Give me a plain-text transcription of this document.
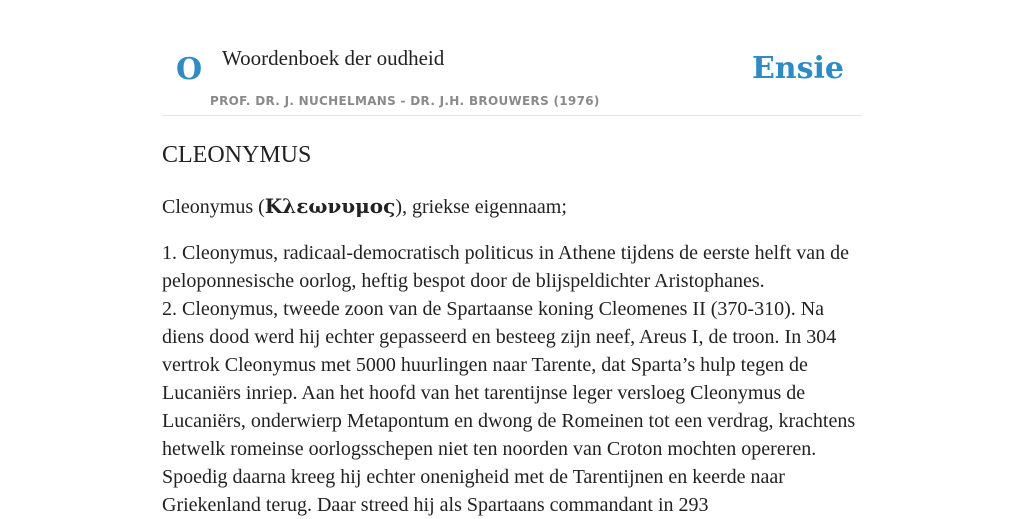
O Woordenboek der oudheid
PROF. DR. J. NUCHELMANS - DR. J.H. BROUWERS (1976)
Ensie
CLEONYMUS
Cleonymus (Κλεωνυμος), griekse eigennaam;

1. Cleonymus, radicaal-democratisch politicus in Athene tijdens de eerste helft van de peloponnesische oorlog, heftig bespot door de blijspeldichter Aristophanes.

2. Cleonymus, tweede zoon van de Spartaanse koning Cleomenes II (370-310). Na diens dood werd hij echter gepasseerd en besteeg zijn neef, Areus I, de troon. In 304 vertrok Cleonymus met 5000 huurlingen naar Tarente, dat Sparta’s hulp tegen de Lucaniërs inriep. Aan het hoofd van het tarentijnse leger versloeg Cleonymus de Lucaniërs, onderwierp Metapontum en dwong de Romeinen tot een verdrag, krachtens hetwelk romeinse oorlogsschepen niet ten noorden van Croton mochten opereren. Spoedig daarna kreeg hij echter onenigheid met de Tarentijnen en keerde naar Griekenland terug. Daar streed hij als Spartaans commandant in 293
